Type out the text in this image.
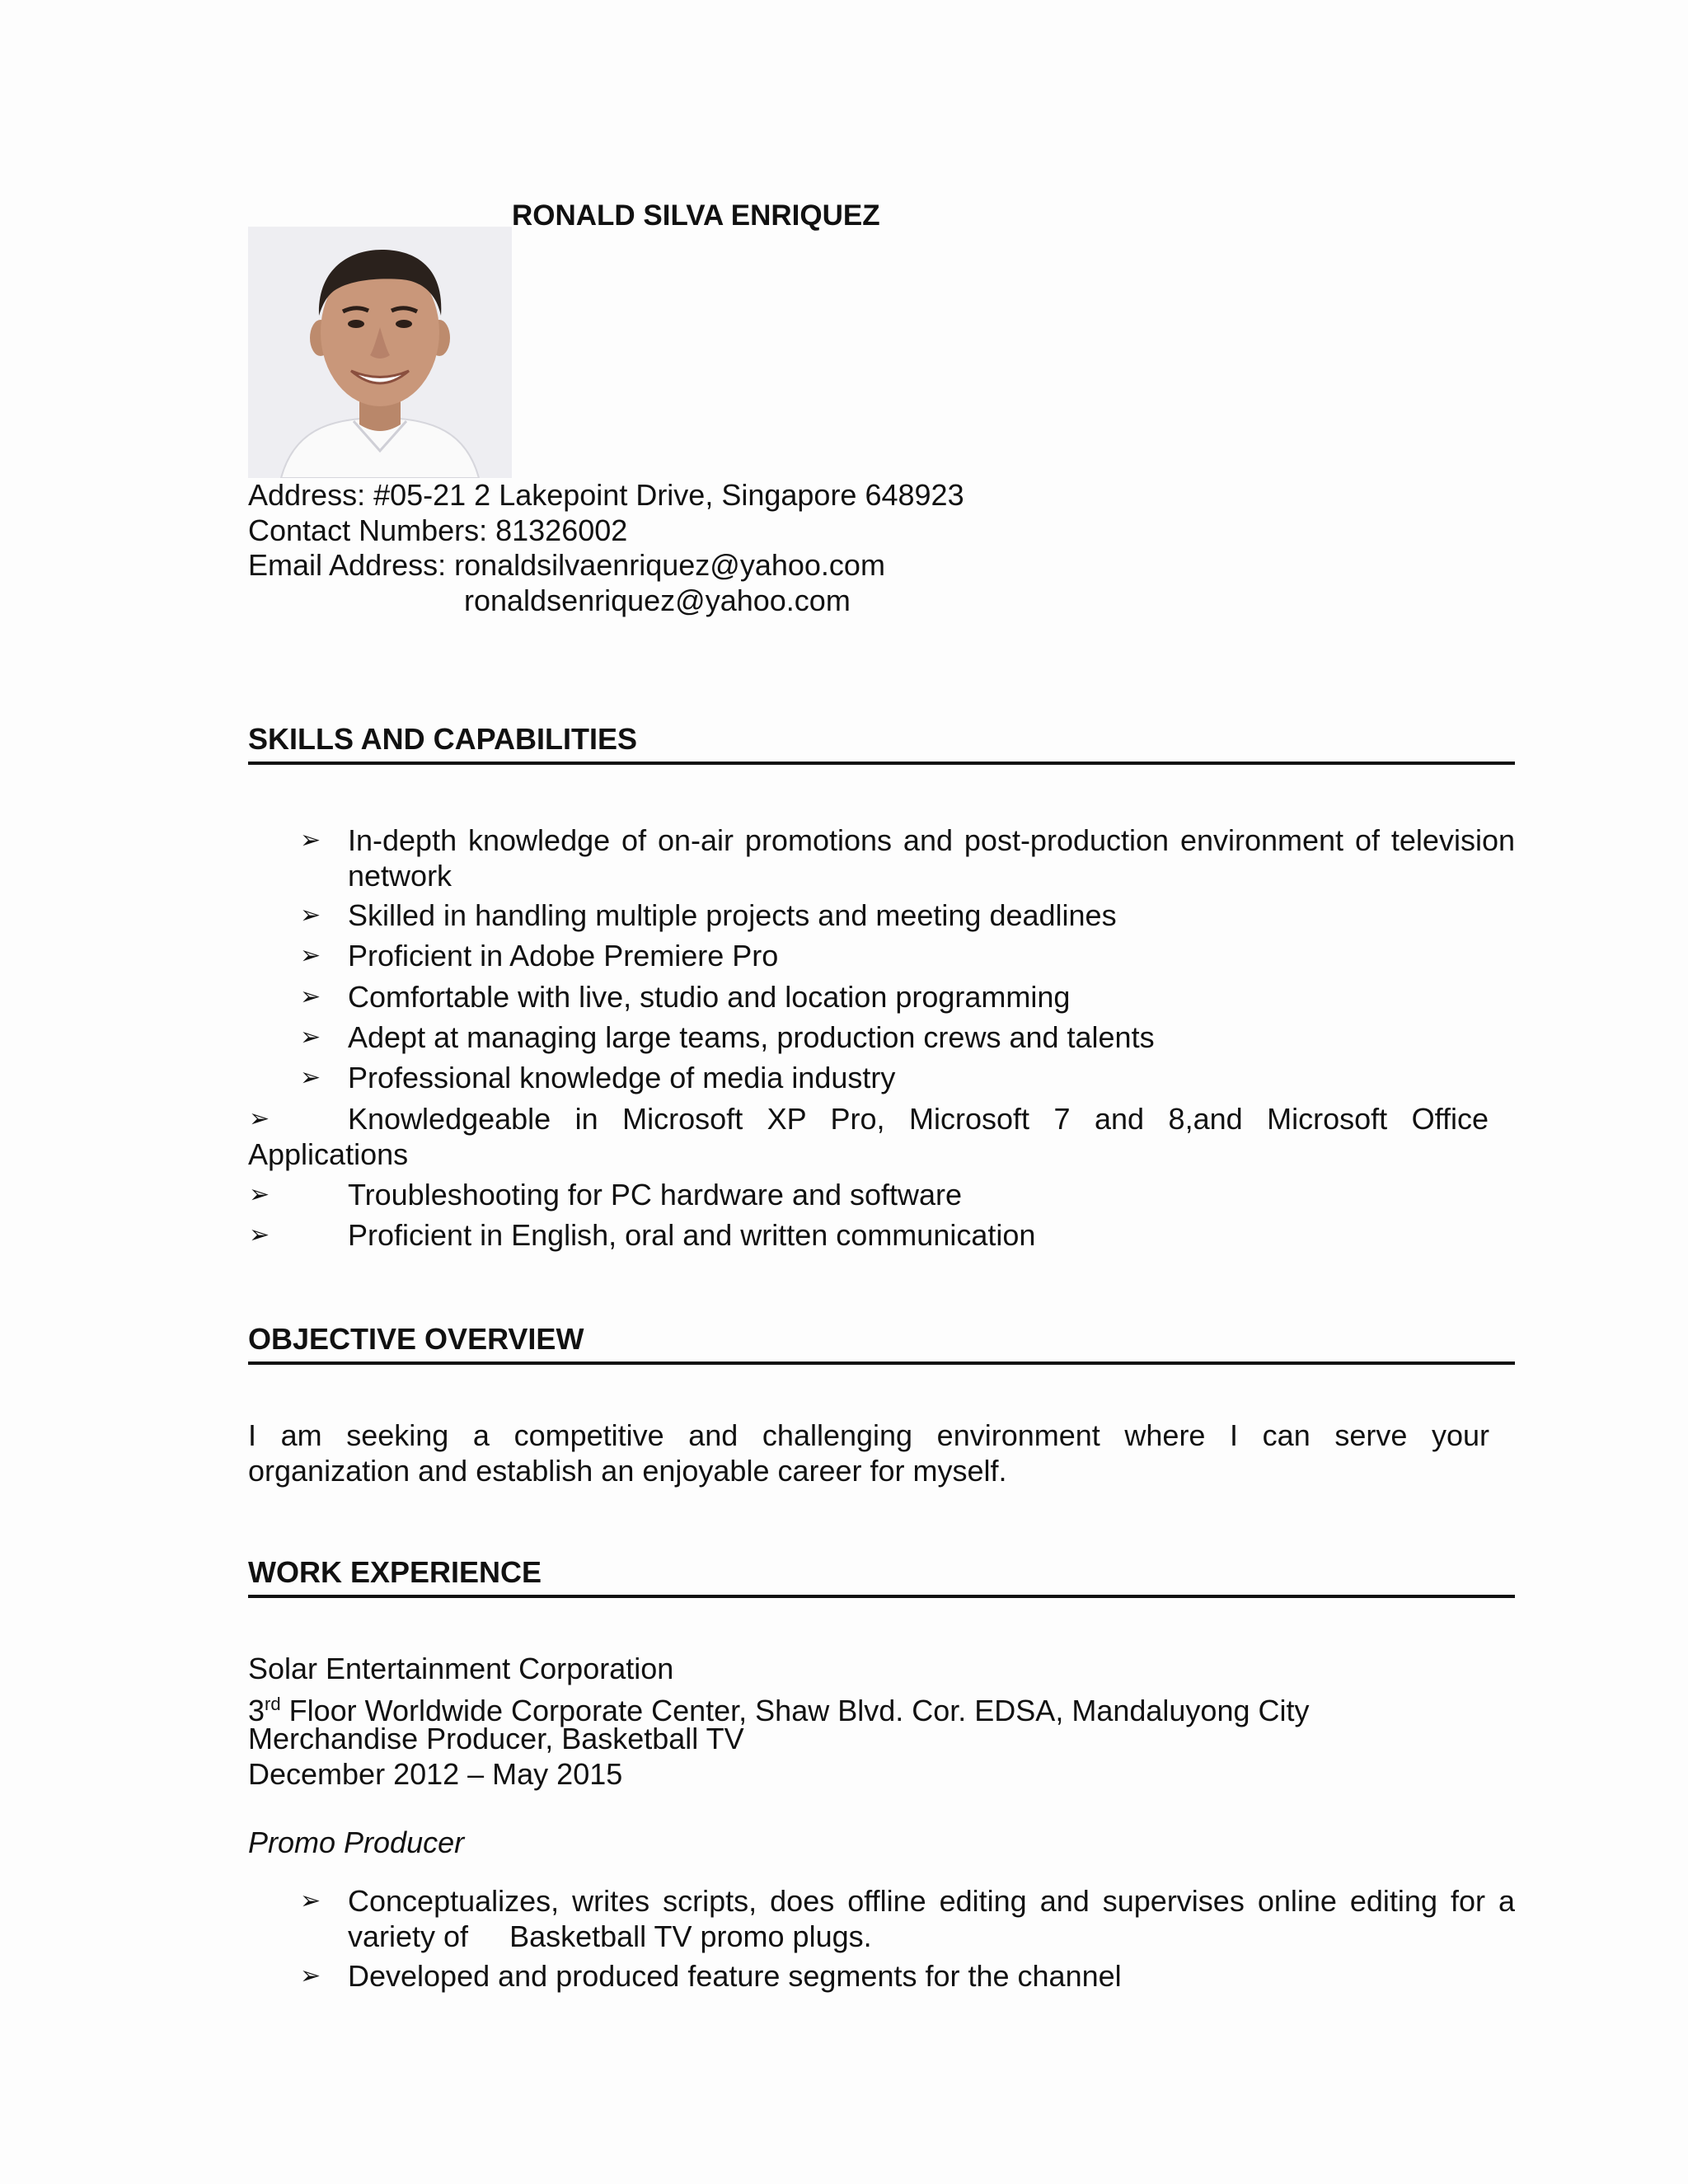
RONALD SILVA ENRIQUEZ
Address: #05-21 2 Lakepoint Drive, Singapore 648923
Contact Numbers: 81326002
Email Address: ronaldsilvaenriquez@yahoo.com
ronaldsenriquez@yahoo.com
SKILLS AND CAPABILITIES
➢ In-depth knowledge of on-air promotions and post-production environment of television network
➢ Skilled in handling multiple projects and meeting deadlines
➢ Proficient in Adobe Premiere Pro
➢ Comfortable with live, studio and location programming
➢ Adept at managing large teams, production crews and talents
➢ Professional knowledge of media industry
➢	Knowledgeable in Microsoft XP Pro, Microsoft 7 and 8,and Microsoft Office
Applications
➢	Troubleshooting for PC hardware and software
➢	Proficient in English, oral and written communication
OBJECTIVE OVERVIEW
I am seeking a competitive and challenging environment where I can serve your
organization and establish an enjoyable career for myself.
WORK EXPERIENCE
Solar Entertainment Corporation
3rd Floor Worldwide Corporate Center, Shaw Blvd. Cor. EDSA, Mandaluyong City
Merchandise Producer, Basketball TV
December 2012 – May 2015
Promo Producer
➢ Conceptualizes, writes scripts, does offline editing and supervises online editing for a
variety of     Basketball TV promo plugs.
➢ Developed and produced feature segments for the channel
